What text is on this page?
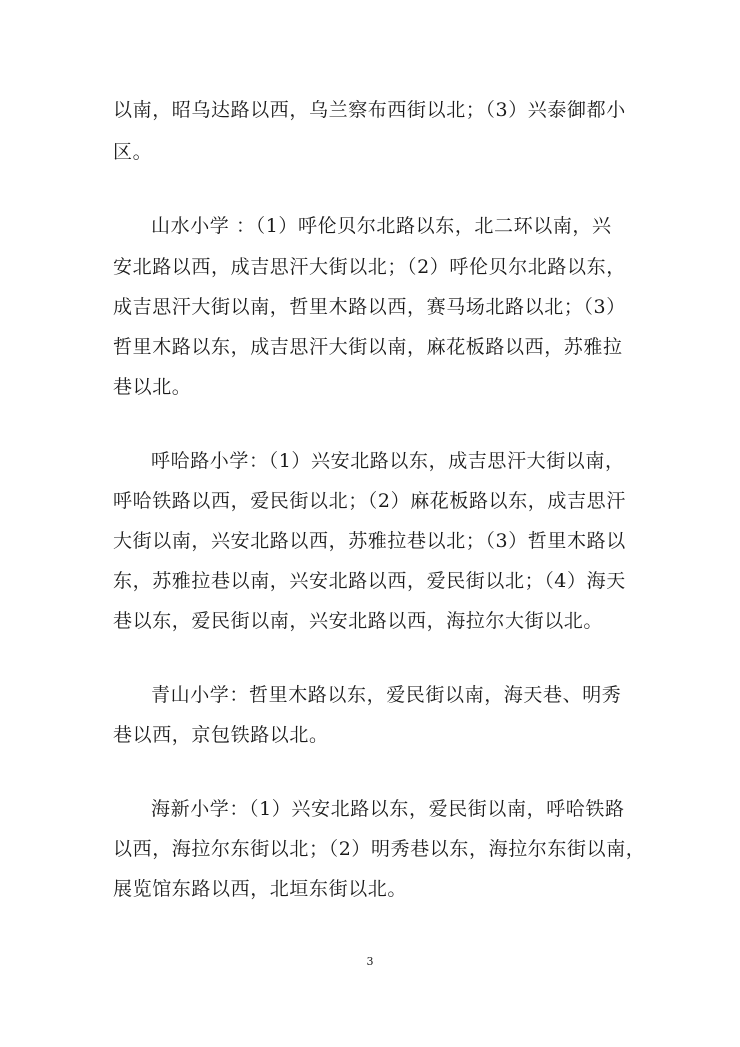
以南，昭乌达路以西，乌兰察布西街以北；（3）兴泰御都小
区。
山水小学 ：（1）呼伦贝尔北路以东，北二环以南，兴
安北路以西，成吉思汗大街以北；（2）呼伦贝尔北路以东，
成吉思汗大街以南，哲里木路以西，赛马场北路以北；（3）
哲里木路以东，成吉思汗大街以南，麻花板路以西，苏雅拉
巷以北。
呼哈路小学：（1）兴安北路以东，成吉思汗大街以南，
呼哈铁路以西，爱民街以北；（2）麻花板路以东，成吉思汗
大街以南，兴安北路以西，苏雅拉巷以北；（3）哲里木路以
东，苏雅拉巷以南，兴安北路以西，爱民街以北；（4）海天
巷以东，爱民街以南，兴安北路以西，海拉尔大街以北。
青山小学：哲里木路以东，爱民街以南，海天巷、明秀
巷以西，京包铁路以北。
海新小学：（1）兴安北路以东，爱民街以南，呼哈铁路
以西，海拉尔东街以北；（2）明秀巷以东，海拉尔东街以南，
展览馆东路以西，北垣东街以北。
3
